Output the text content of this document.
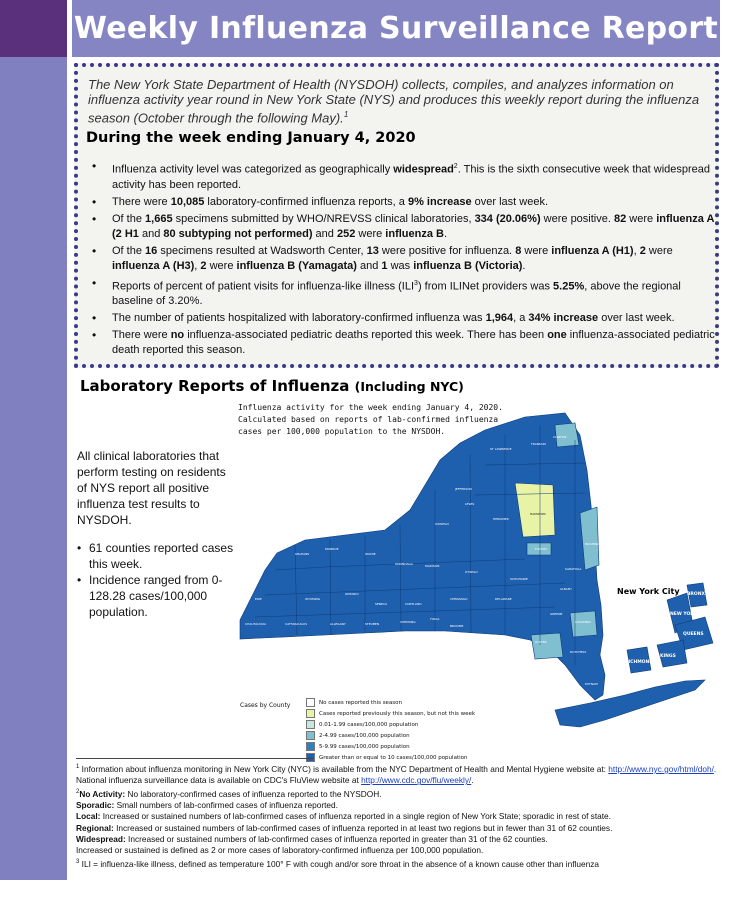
Weekly Influenza Surveillance Report

The New York State Department of Health (NYSDOH) collects, compiles, and analyzes information on influenza activity year round in New York State (NYS) and produces this weekly report during the influenza season (October through the following May).$^1$

During the week ending January 4, 2020
• Influenza activity level was categorized as geographically widespread$^2$. This is the sixth consecutive week that widespread activity has been reported.
• There were 10,085 laboratory-confirmed influenza reports, a 9% increase over last week.
• Of the 1,665 specimens submitted by WHO/NREVSS clinical laboratories, 334 (20.06%) were positive. 82 were influenza A (2 H1 and 80 subtyping not performed) and 252 were influenza B.
• Of the 16 specimens resulted at Wadsworth Center, 13 were positive for influenza. 8 were influenza A (H1), 2 were influenza A (H3), 2 were influenza B (Yamagata) and 1 was influenza B (Victoria).
• Reports of percent of patient visits for influenza-like illness (ILI$^3$) from ILINet providers was 5.25%, above the regional baseline of 3.20%.
• The number of patients hospitalized with laboratory-confirmed influenza was 1,964, a 34% increase over last week.
• There were no influenza-associated pediatric deaths reported this week. There has been one influenza-associated pediatric death reported this season.
Laboratory Reports of Influenza (Including NYC)

All clinical laboratories that perform testing on residents of NYS report all positive influenza test results to NYSDOH.

• 61 counties reported cases this week.
• Incidence ranged from 0-128.28 cases/100,000 population.
CLINTON
ST LAWRENCE
FRANKLIN
HAMILTON
JEFFERSON
LEWIS
OSWEGO
HERKIMER
FULTON
SARATOGA
WASHINGTON
ORLEANS
MONROE
WAYNE
ONONDAGA	MADISON
OTSEGO
SCHOHARIE
ALBANY
ERIE	WYOMING
ONTARIO
SENECA	CORTLAND
CHENANGO	DELAWARE
GREENE
CHAUTAUQUA	CATTARAUGUS	ALLEGANY	STEUBEN	CHEMUNG
TIOGA
BROOME
ULSTER
COLUMBIA
DUTCHESS
ORANGE
PUTNAM
NEW YORK
BRONX
QUEENS
KINGS
RICHMOND

Influenza activity for the week ending January 4, 2020.
Calculated based on reports of lab-confirmed influenza
cases per 100,000 population to the NYSDOH.

New York City
Cases by County	No cases reported this season
Cases reported previously this season, but not this week
0.01-1.99 cases/100,000 population
2-4.99 cases/100,000 population
5-9.99 cases/100,000 population
Greater than or equal to 10 cases/100,000 population

$^1$ Information about influenza monitoring in New York City (NYC) is available from the NYC Department of Health and Mental Hygiene website at: http://www.nyc.gov/html/doh/. National influenza surveillance data is available on CDC's FluView website at http://www.cdc.gov/flu/weekly/.

$^2$No Activity: No laboratory-confirmed cases of influenza reported to the NYSDOH.

Sporadic: Small numbers of lab-confirmed cases of influenza reported.

Local: Increased or sustained numbers of lab-confirmed cases of influenza reported in a single region of New York State; sporadic in rest of state.

Regional: Increased or sustained numbers of lab-confirmed cases of influenza reported in at least two regions but in fewer than 31 of 62 counties.

Widespread: Increased or sustained numbers of lab-confirmed cases of influenza reported in greater than 31 of the 62 counties.

Increased or sustained is defined as 2 or more cases of laboratory-confirmed influenza per 100,000 population.

$^3$ ILI = influenza-like illness, defined as temperature 100° F with cough and/or sore throat in the absence of a known cause other than influenza
